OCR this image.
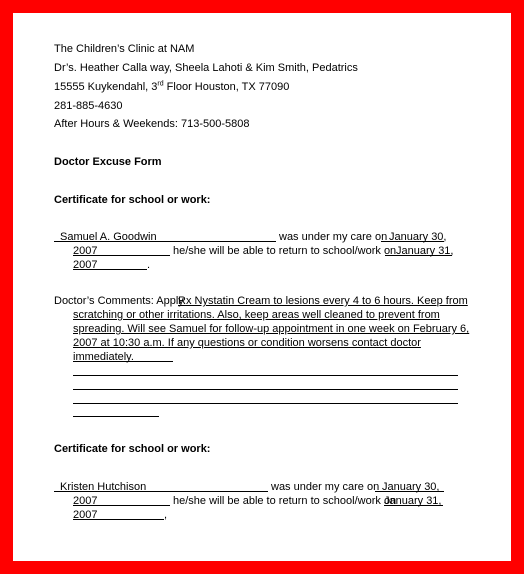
The Children’s Clinic at NAM
Dr’s. Heather Calla way, Sheela Lahoti & Kim Smith, Pedatrics
15555 Kuykendahl, 3rd Floor Houston, TX 77090
281-885-4630
After Hours & Weekends: 713-500-5808
Doctor Excuse Form
Certificate for school or work:
Samuel A. Goodwin	was under my care on January 30,
2007	he/she will be able to return to school/work on January 31,
2007	.
Doctor’s Comments: Apply
Rx Nystatin Cream to lesions every 4 to 6 hours. Keep from
scratching or other irritations. Also, keep areas well cleaned to prevent from
spreading. Will see Samuel for follow-up appointment in one week on February 6,
2007 at 10:30 a.m. If any questions or condition worsens contact doctor
immediately.
Certificate for school or work:
Kristen Hutchison	was under my care on January 30,
2007	he/she will be able to return to school/work on
January 31,
2007	,
